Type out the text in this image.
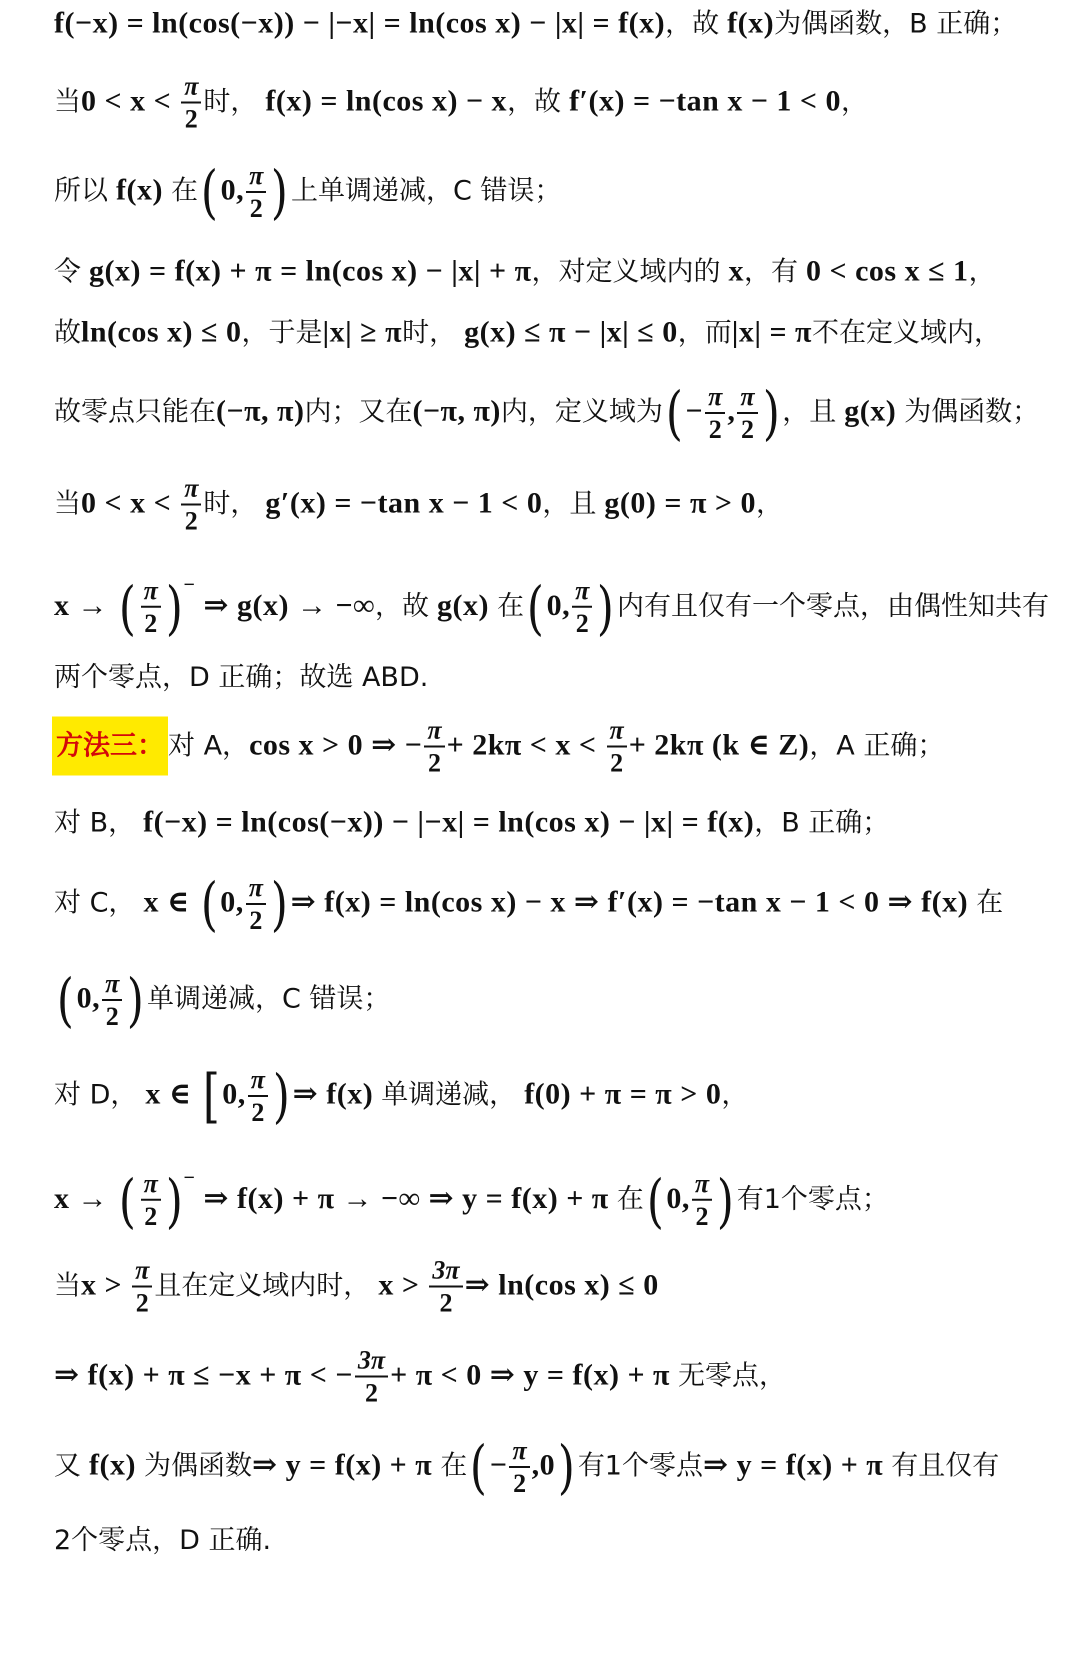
f(−x) = ln(cos(−x)) − |−x| = ln(cos x) − |x| = f(x)，故 f(x)为偶函数，B 正确；
当$0 < x < \frac{\pi}{2}$ 时， f(x) = ln(cos x) − x，故 f′(x) = −tan x − 1 < 0，
所以 f(x) 在(0, $\frac{\pi}{2}$ ) 上单调递减，C 错误；
令 g(x) = f(x) + π = ln(cos x) − |x| + π，对定义域内的 x，有 0 < cos x ≤ 1，
故ln(cos x) ≤ 0，于是|x| ≥ π时， g(x) ≤ π − |x| ≤ 0，而|x| = π不在定义域内，
故零点只能在(−π, π)内；又在(−π, π)内，定义域为(− $\frac{\pi}{2}$ , $\frac{\pi}{2}$ ) ，且 g(x) 为偶函数；
当$0 < x < \frac{\pi}{2}$ 时， g′(x) = −tan x − 1 < 0，且 g(0) = π > 0，
x → ( $\frac{\pi}{2} )^-$ ⇒ g(x) → −∞，故 g(x) 在(0, $\frac{\pi}{2}$ ) 内有且仅有一个零点，由偶性知共有
两个零点，D 正确；故选 ABD.
方法三： 对 A，cos x > 0 ⇒ − $\frac{\pi}{2} + 2k\pi < x < \frac{\pi}{2} + 2k\pi$ (k ∈ Z)，A 正确；
对 B， f(−x) = ln(cos(−x)) − |−x| = ln(cos x) − |x| = f(x)，B 正确；
对 C， x ∈ (0, $\frac{\pi}{2}$ )⇒ f(x) = ln(cos x) − x ⇒ f′(x) = −tan x − 1 < 0 ⇒ f(x) 在
(0, $\frac{\pi}{2}$ ) 单调递减，C 错误；
对 D， x ∈ [0, $\frac{\pi}{2}$ )⇒ f(x) 单调递减， f(0) + π = π > 0，
x → ( $\frac{\pi}{2} )^-$ ⇒ f(x) + π → −∞ ⇒ y = f(x) + π 在(0, $\frac{\pi}{2}$ ) 有1个零点；
当$x > \frac{\pi}{2}$ 且在定义域内时， $x > \frac{3\pi}{2}$ ⇒ ln(cos x) ≤ 0
⇒ f(x) + π ≤ −x + π < − $\frac{3\pi}{2} + \pi < 0$ ⇒ y = f(x) + π 无零点，
又 f(x) 为偶函数⇒ y = f(x) + π 在(− $\frac{\pi}{2} ,0$) 有1个零点⇒ y = f(x) + π 有且仅有
2个零点，D 正确.
